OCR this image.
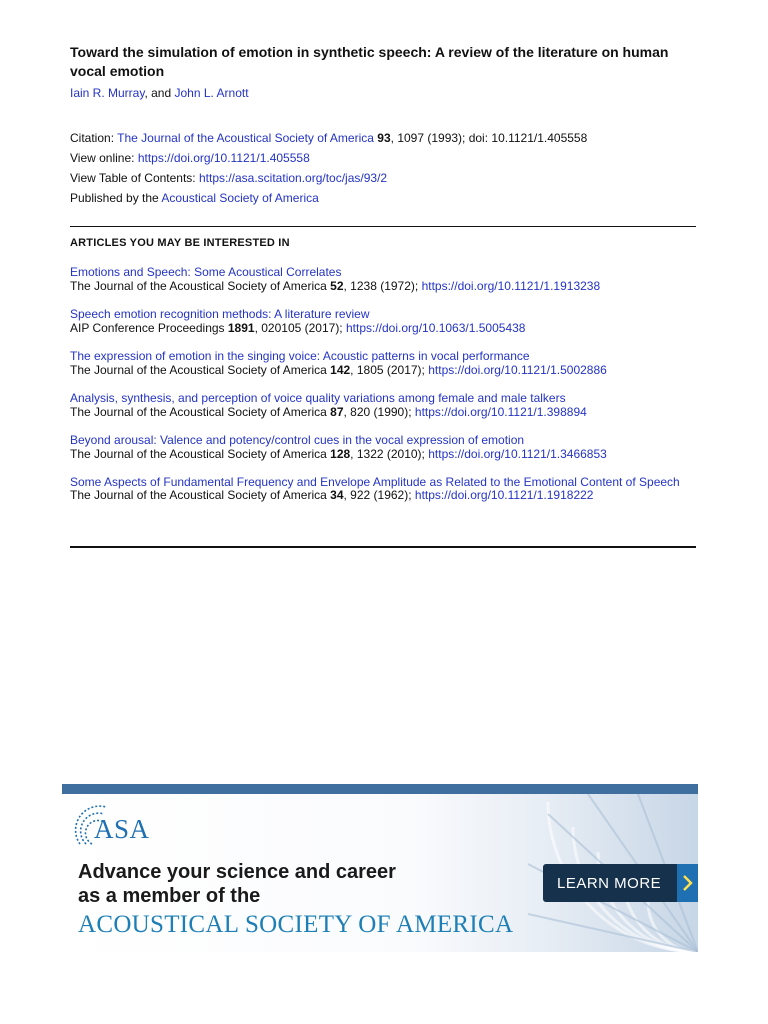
Toward the simulation of emotion in synthetic speech: A review of the literature on human vocal emotion
Iain R. Murray, and John L. Arnott
Citation: The Journal of the Acoustical Society of America 93, 1097 (1993); doi: 10.1121/1.405558
View online: https://doi.org/10.1121/1.405558
View Table of Contents: https://asa.scitation.org/toc/jas/93/2
Published by the Acoustical Society of America
ARTICLES YOU MAY BE INTERESTED IN
Emotions and Speech: Some Acoustical Correlates
The Journal of the Acoustical Society of America 52, 1238 (1972); https://doi.org/10.1121/1.1913238
Speech emotion recognition methods: A literature review
AIP Conference Proceedings 1891, 020105 (2017); https://doi.org/10.1063/1.5005438
The expression of emotion in the singing voice: Acoustic patterns in vocal performance
The Journal of the Acoustical Society of America 142, 1805 (2017); https://doi.org/10.1121/1.5002886
Analysis, synthesis, and perception of voice quality variations among female and male talkers
The Journal of the Acoustical Society of America 87, 820 (1990); https://doi.org/10.1121/1.398894
Beyond arousal: Valence and potency/control cues in the vocal expression of emotion
The Journal of the Acoustical Society of America 128, 1322 (2010); https://doi.org/10.1121/1.3466853
Some Aspects of Fundamental Frequency and Envelope Amplitude as Related to the Emotional Content of Speech
The Journal of the Acoustical Society of America 34, 922 (1962); https://doi.org/10.1121/1.1918222
ASA
Advance your science and career
as a member of the
ACOUSTICAL SOCIETY OF AMERICA
LEARN MORE
